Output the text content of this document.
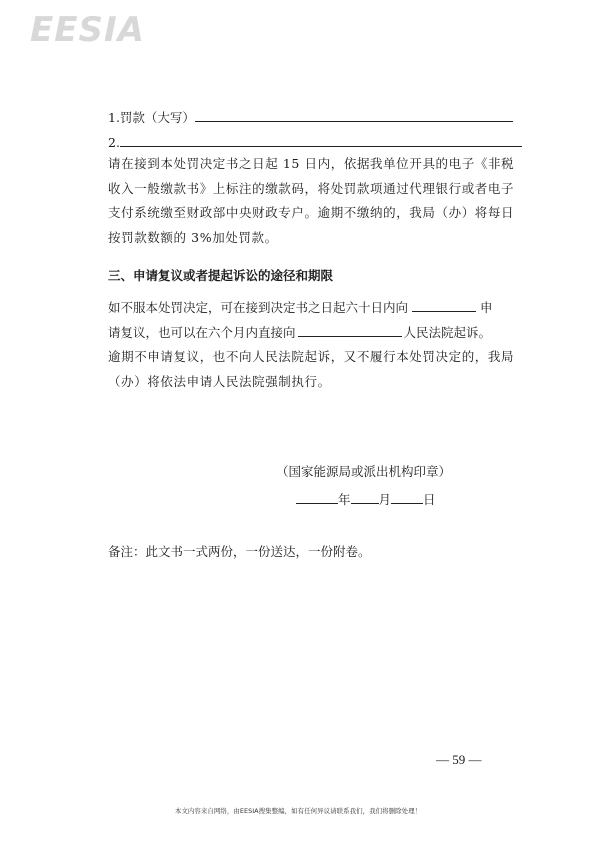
EESIA
1.罚款（大写）
2.
请在接到本处罚决定书之日起 15 日内，依据我单位开具的电子《非税收入一般缴款书》上标注的缴款码，将处罚款项通过代理银行或者电子支付系统缴至财政部中央财政专户。逾期不缴纳的，我局（办）将每日按罚款数额的 3%加处罚款。
三、申请复议或者提起诉讼的途径和期限
如不服本处罚决定，可在接到决定书之日起六十日内向	申
请复议，也可以在六个月内直接向	人民法院起诉。
逾期不申请复议，也不向人民法院起诉，又不履行本处罚决定的，我局（办）将依法申请人民法院强制执行。
（国家能源局或派出机构印章）
年 月	日
备注：此文书一式两份，一份送达，一份附卷。
— 59 —
本文内容来自网络，由EESIA搜集整编，如有任何异议请联系我们，我们将删除处理！
